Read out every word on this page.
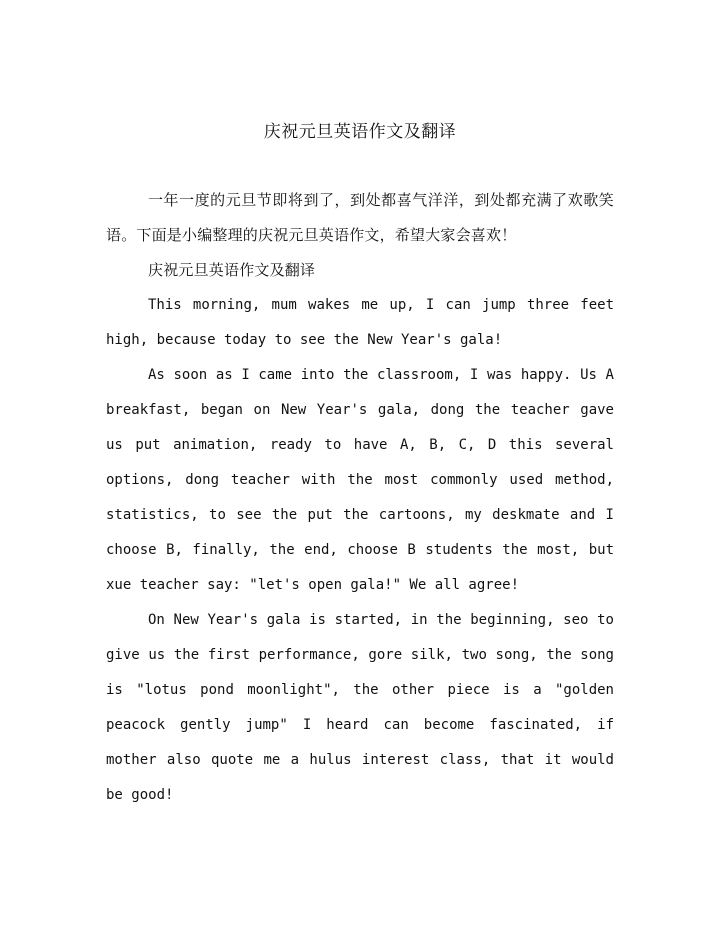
庆祝元旦英语作文及翻译

一年一度的元旦节即将到了，到处都喜气洋洋，到处都充满了欢歌笑语。下面是小编整理的庆祝元旦英语作文，希望大家会喜欢！

庆祝元旦英语作文及翻译

This morning, mum wakes me up, I can jump three feet high, because today to see the New Year's gala!

As soon as I came into the classroom, I was happy. Us A breakfast, began on New Year's gala, dong the teacher gave us put animation, ready to have A, B, C, D this several options, dong teacher with the most commonly used method, statistics, to see the put the cartoons, my deskmate and I choose B, finally, the end, choose B students the most, but xue teacher say: "let's open gala!" We all agree!

On New Year's gala is started, in the beginning, seo to give us the first performance, gore silk, two song, the song is "lotus pond moonlight", the other piece is a "golden peacock gently jump" I heard can become fascinated, if mother also quote me a hulus interest class, that it would be good!
